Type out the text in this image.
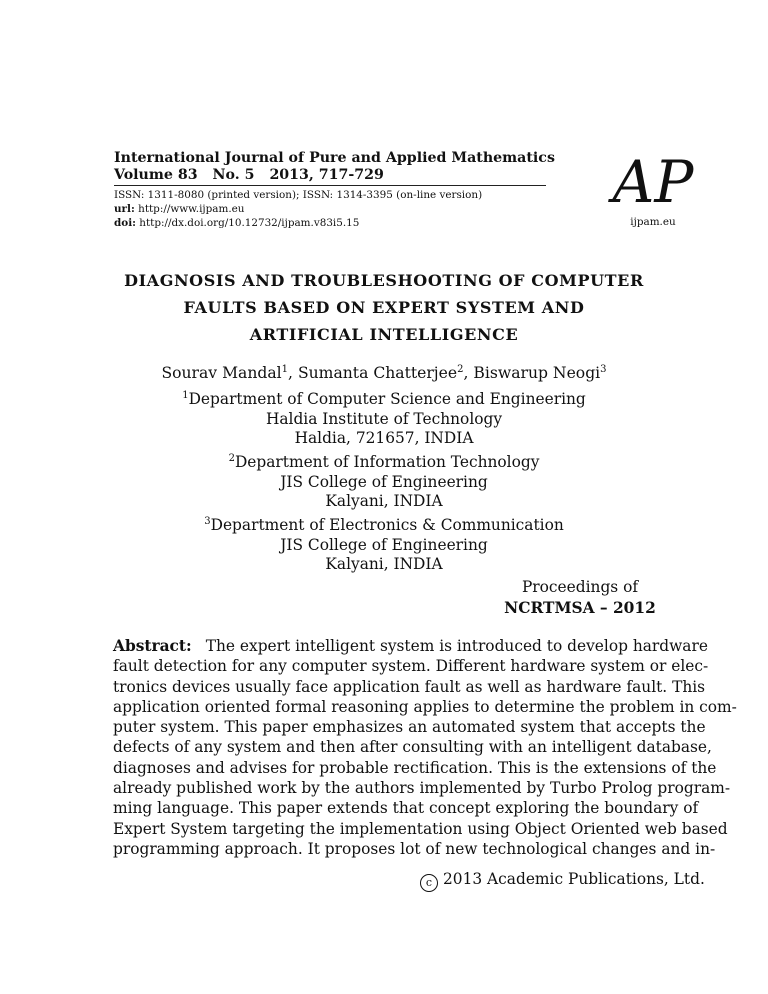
International Journal of Pure and Applied Mathematics
Volume 83 No. 5 2013, 717-729
ISSN: 1311-8080 (printed version); ISSN: 1314-3395 (on-line version)
url: http://www.ijpam.eu
doi: http://dx.doi.org/10.12732/ijpam.v83i5.15
AP
ijpam.eu
DIAGNOSIS AND TROUBLESHOOTING OF COMPUTER
FAULTS BASED ON EXPERT SYSTEM AND
ARTIFICIAL INTELLIGENCE
Sourav Mandal$^1$, Sumanta Chatterjee$^2$, Biswarup Neogi$^3$
$^1$Department of Computer Science and Engineering
Haldia Institute of Technology
Haldia, 721657, INDIA
$^2$Department of Information Technology
JIS College of Engineering
Kalyani, INDIA
$^3$Department of Electronics & Communication
JIS College of Engineering
Kalyani, INDIA
Proceedings of
NCRTMSA – 2012
Abstract: The expert intelligent system is introduced to develop hardware
fault detection for any computer system. Different hardware system or elec-
tronics devices usually face application fault as well as hardware fault. This
application oriented formal reasoning applies to determine the problem in com-
puter system. This paper emphasizes an automated system that accepts the
defects of any system and then after consulting with an intelligent database,
diagnoses and advises for probable rectification. This is the extensions of the
already published work by the authors implemented by Turbo Prolog program-
ming language. This paper extends that concept exploring the boundary of
Expert System targeting the implementation using Object Oriented web based
programming approach. It proposes lot of new technological changes and in-
c 2013 Academic Publications, Ltd.
